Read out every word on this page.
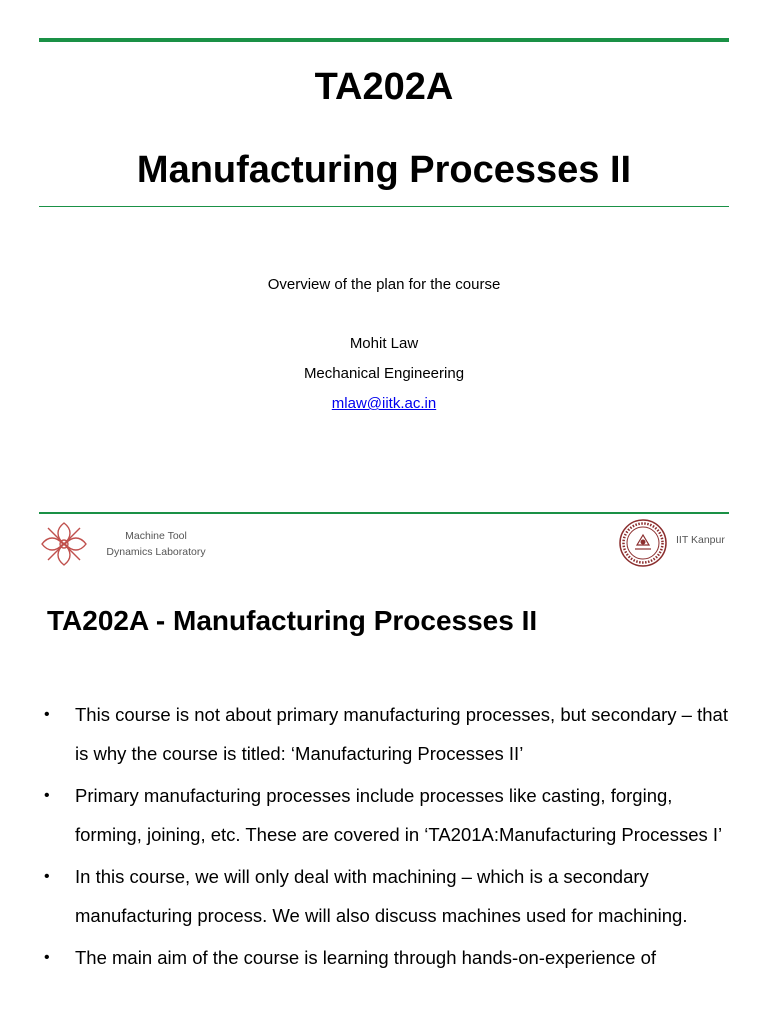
TA202A
Manufacturing Processes II
Overview of the plan for the course
Mohit Law
Mechanical Engineering
mlaw@iitk.ac.in
Machine Tool
Dynamics Laboratory
IIT Kanpur
TA202A - Manufacturing Processes II
• This course is not about primary manufacturing processes, but secondary – that is why the course is titled: ‘Manufacturing Processes II’
• Primary manufacturing processes include processes like casting, forging, forming, joining, etc. These are covered in ‘TA201A:Manufacturing Processes I’
• In this course, we will only deal with machining – which is a secondary manufacturing process. We will also discuss machines used for machining.
• The main aim of the course is learning through hands-on-experience of
